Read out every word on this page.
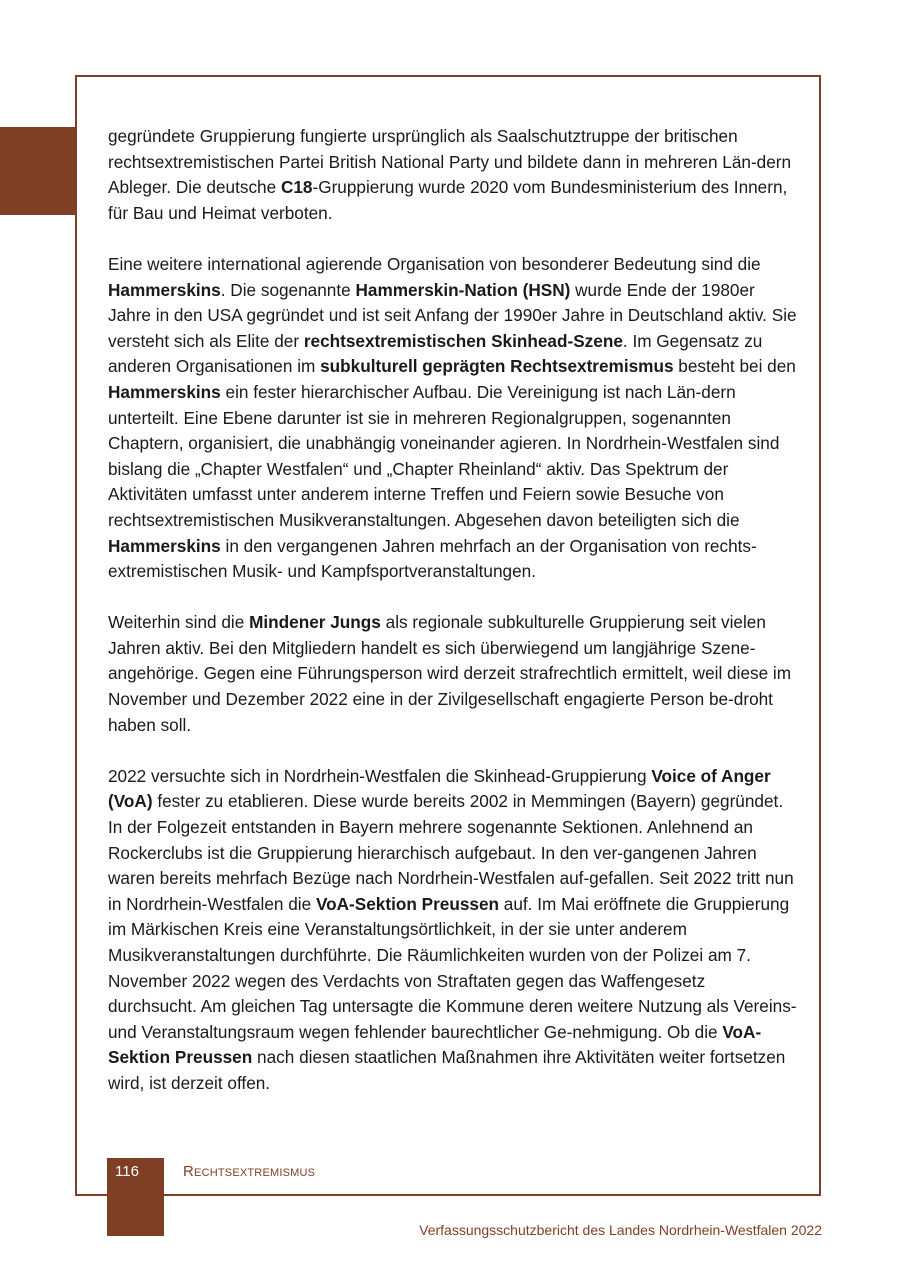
gegründete Gruppierung fungierte ursprünglich als Saalschutztruppe der britischen rechtsextremistischen Partei British National Party und bildete dann in mehreren Län-dern Ableger. Die deutsche C18-Gruppierung wurde 2020 vom Bundesministerium des Innern, für Bau und Heimat verboten.

Eine weitere international agierende Organisation von besonderer Bedeutung sind die Hammerskins. Die sogenannte Hammerskin-Nation (HSN) wurde Ende der 1980er Jahre in den USA gegründet und ist seit Anfang der 1990er Jahre in Deutschland aktiv. Sie versteht sich als Elite der rechtsextremistischen Skinhead-Szene. Im Gegensatz zu anderen Organisationen im subkulturell geprägten Rechtsextremismus besteht bei den Hammerskins ein fester hierarchischer Aufbau. Die Vereinigung ist nach Län-dern unterteilt. Eine Ebene darunter ist sie in mehreren Regionalgruppen, sogenannten Chaptern, organisiert, die unabhängig voneinander agieren. In Nordrhein-Westfalen sind bislang die „Chapter Westfalen“ und „Chapter Rheinland“ aktiv. Das Spektrum der Aktivitäten umfasst unter anderem interne Treffen und Feiern sowie Besuche von rechtsextremistischen Musikveranstaltungen. Abgesehen davon beteiligten sich die Hammerskins in den vergangenen Jahren mehrfach an der Organisation von rechts-extremistischen Musik- und Kampfsportveranstaltungen.

Weiterhin sind die Mindener Jungs als regionale subkulturelle Gruppierung seit vielen Jahren aktiv. Bei den Mitgliedern handelt es sich überwiegend um langjährige Szene-angehörige. Gegen eine Führungsperson wird derzeit strafrechtlich ermittelt, weil diese im November und Dezember 2022 eine in der Zivilgesellschaft engagierte Person be-droht haben soll.

2022 versuchte sich in Nordrhein-Westfalen die Skinhead-Gruppierung Voice of Anger (VoA) fester zu etablieren. Diese wurde bereits 2002 in Memmingen (Bayern) gegründet. In der Folgezeit entstanden in Bayern mehrere sogenannte Sektionen. Anlehnend an Rockerclubs ist die Gruppierung hierarchisch aufgebaut. In den ver-gangenen Jahren waren bereits mehrfach Bezüge nach Nordrhein-Westfalen auf-gefallen. Seit 2022 tritt nun in Nordrhein-Westfalen die VoA-Sektion Preussen auf. Im Mai eröffnete die Gruppierung im Märkischen Kreis eine Veranstaltungsörtlichkeit, in der sie unter anderem Musikveranstaltungen durchführte. Die Räumlichkeiten wurden von der Polizei am 7. November 2022 wegen des Verdachts von Straftaten gegen das Waffengesetz durchsucht. Am gleichen Tag untersagte die Kommune deren weitere Nutzung als Vereins- und Veranstaltungsraum wegen fehlender baurechtlicher Ge-nehmigung. Ob die VoA-Sektion Preussen nach diesen staatlichen Maßnahmen ihre Aktivitäten weiter fortsetzen wird, ist derzeit offen.

116	Rechtsextremismus
Verfassungsschutzbericht des Landes Nordrhein-Westfalen 2022
